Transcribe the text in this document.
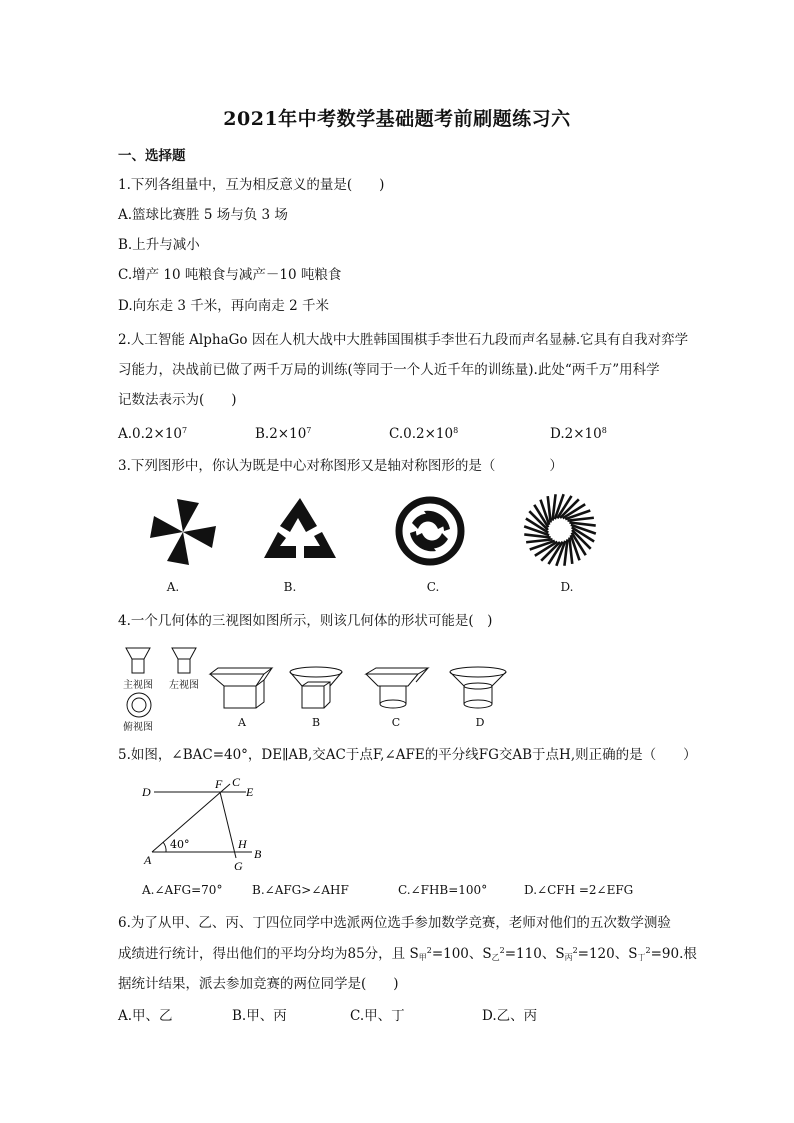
2021年中考数学基础题考前刷题练习六
一、选择题
1.下列各组量中，互为相反意义的量是(　　)
A.篮球比赛胜 5 场与负 3 场
B.上升与减小
C.增产 10 吨粮食与减产－10 吨粮食
D.向东走 3 千米，再向南走 2 千米
2.人工智能 AlphaGo 因在人机大战中大胜韩国围棋手李世石九段而声名显赫.它具有自我对弈学
习能力，决战前已做了两千万局的训练(等同于一个人近千年的训练量).此处“两千万”用科学
记数法表示为(　　)
$A.0.2\times 10^7$	$B.2\times 10^7$	$C.0.2\times 10^8$	$D.2\times 10^8$
3.下列图形中，你认为既是中心对称图形又是轴对称图形的是（　　　　）
A.	B.	C.	D.
4.一个几何体的三视图如图所示，则该几何体的形状可能是(　)
主视图	左视图
俯视图	A	B	C	D
5.如图，∠BAC=40°，DE∥AB,交AC于点F,∠AFE的平分线FG交AB于点H,则正确的是（　　）
D
F C
E
H
A	G
B
40°
A.∠AFG=70° B.∠AFG>∠AHF	C.∠FHB=100°	D.∠CFH =2∠EFG
6.为了从甲、乙、丙、丁四位同学中选派两位选手参加数学竞赛，老师对他们的五次数学测验
成绩进行统计，得出他们的平均分均为85分，且 $S_甲^2=100$、$S_乙^2=110$、$S_丙^2=120$、$S_丁^2=90$.根
据统计结果，派去参加竞赛的两位同学是(　　)
A.甲、乙	B.甲、丙	C.甲、丁	D.乙、丙
